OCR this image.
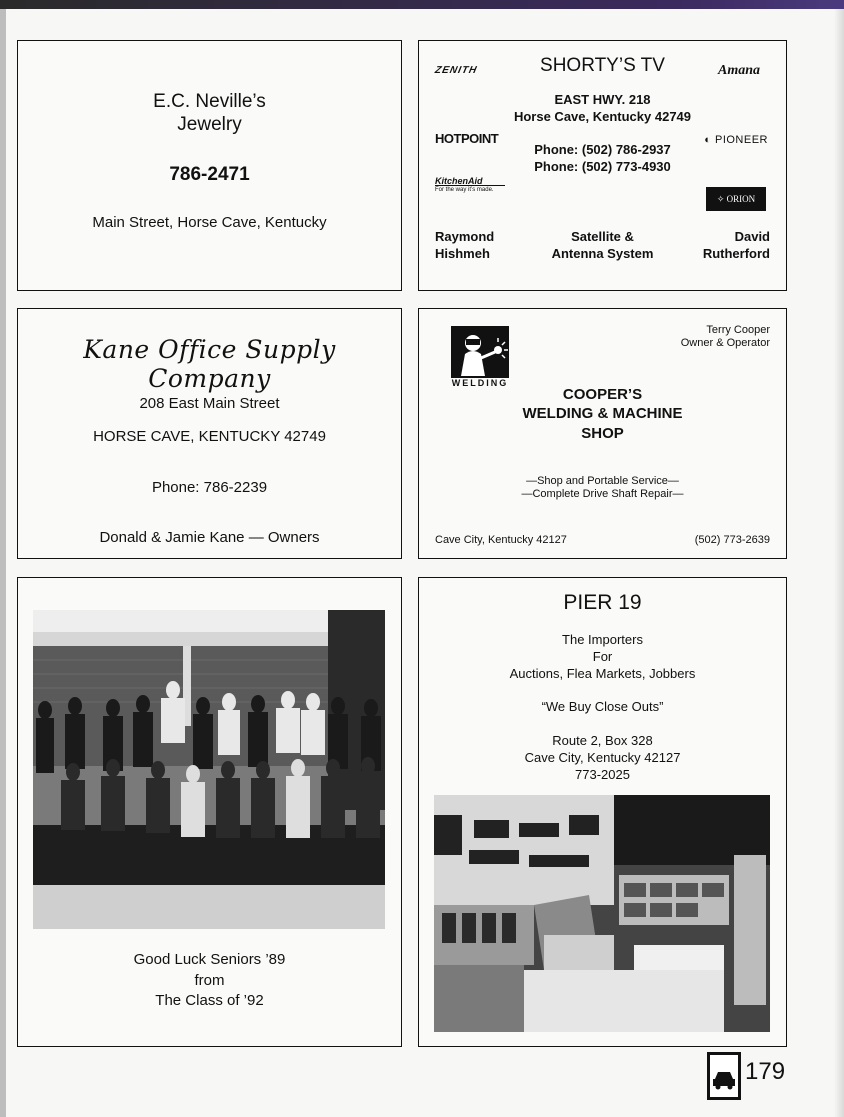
E.C. Neville’s
Jewelry
786-2471
Main Street, Horse Cave, Kentucky
ZENITH	SHORTY’S TV	Amana
EAST HWY. 218
Horse Cave, Kentucky 42749
HOTPOINT	◐ PIONEER
Phone: (502) 786-2937
Phone: (502) 773-4930
KitchenAid
For the way it’s made.
✧ ORION
Raymond
Hishmeh
Satellite &
Antenna System
David
Rutherford
Kane Office Supply Company
208 East Main Street
HORSE CAVE, KENTUCKY 42749
Phone: 786-2239
Donald & Jamie Kane — Owners
WELDING
Terry Cooper
Owner & Operator
COOPER’S
WELDING & MACHINE
SHOP
—Shop and Portable Service—
—Complete Drive Shaft Repair—
Cave City, Kentucky 42127	(502) 773-2639
Good Luck Seniors ’89
from
The Class of ’92
PIER 19
The Importers
For
Auctions, Flea Markets, Jobbers
“We Buy Close Outs”
Route 2, Box 328
Cave City, Kentucky 42127
773-2025
179
